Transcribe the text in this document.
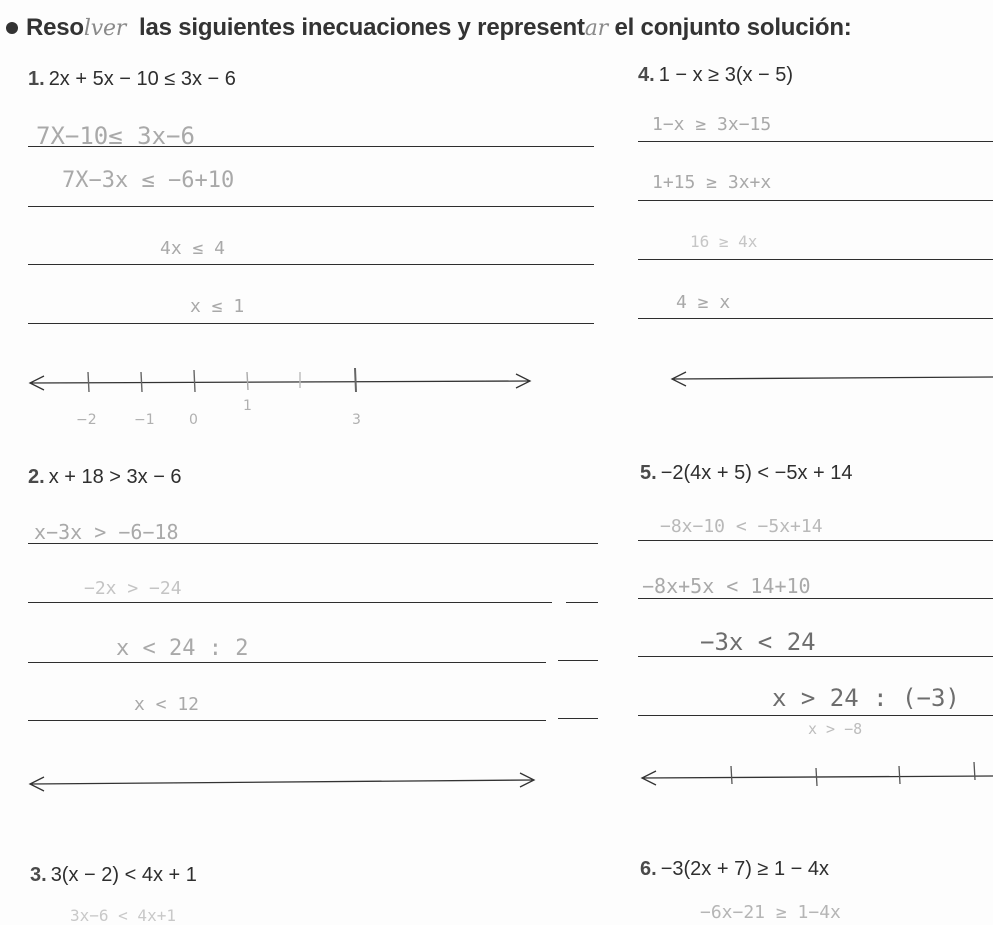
Resolver las siguientes inecuaciones y representar el conjunto solución:
1. 2x + 5x − 10 ≤ 3x − 6	4. 1 − x ≥ 3(x − 5)
2. x + 18 > 3x − 6	5. −2(4x + 5) < −5x + 14
3. 3(x − 2) < 4x + 1	6. −3(2x + 7) ≥ 1 − 4x
7X−10≤ 3x−6
7X−3x ≤ −6+10
4x ≤ 4
x ≤ 1
1−x ≥ 3x−15
1+15 ≥ 3x+x
16 ≥ 4x
4 ≥ x
x−3x > −6−18
−2x > −24
x < 24 : 2
x < 12
−8x−10 < −5x+14
−8x+5x < 14+10
−3x < 24
x > 24 : (−3)
x > −8
3x−6 < 4x+1	−6x−21 ≥ 1−4x
−2	−1 0
1
3
